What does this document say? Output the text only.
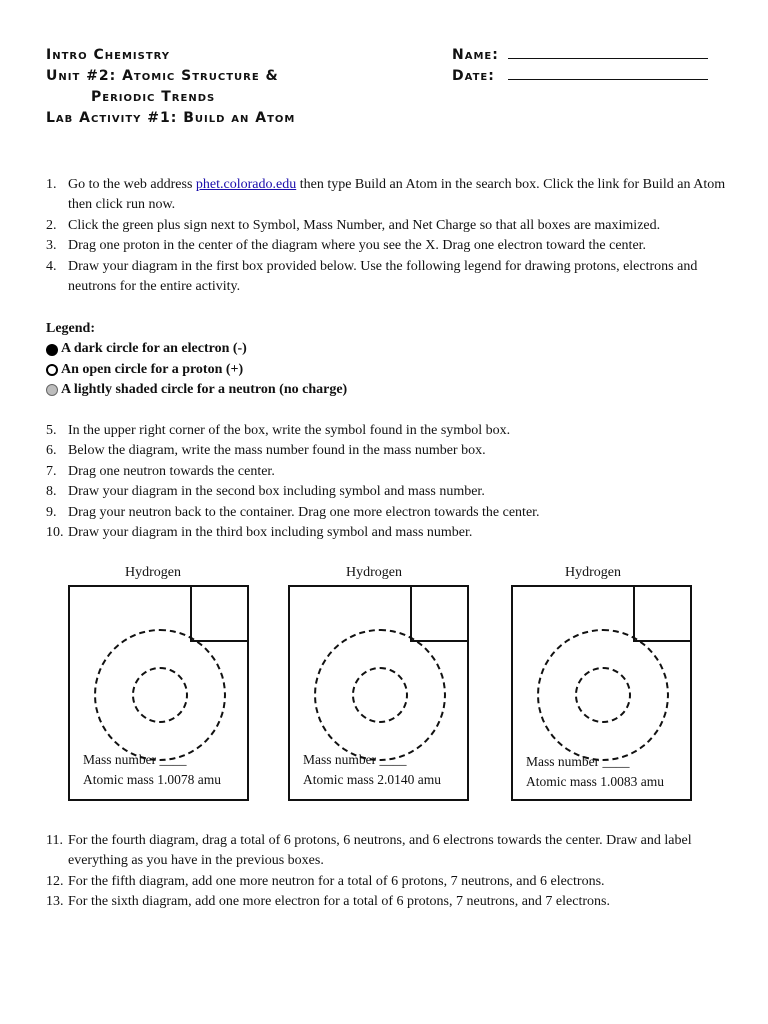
Intro Chemistry
Unit #2: Atomic Structure &
Periodic Trends
Lab Activity #1: Build an Atom
Name:
Date:
1. Go to the web address phet.colorado.edu then type Build an Atom in the search box. Click the link for Build an Atom then click run now.
2. Click the green plus sign next to Symbol, Mass Number, and Net Charge so that all boxes are maximized.
3. Drag one proton in the center of the diagram where you see the X. Drag one electron toward the center.
4. Draw your diagram in the first box provided below. Use the following legend for drawing protons, electrons and neutrons for the entire activity.
Legend:
A dark circle for an electron (-)
An open circle for a proton (+)
A lightly shaded circle for a neutron (no charge)
5. In the upper right corner of the box, write the symbol found in the symbol box.
6. Below the diagram, write the mass number found in the mass number box.
7. Drag one neutron towards the center.
8. Draw your diagram in the second box including symbol and mass number.
9. Drag your neutron back to the container. Drag one more electron towards the center.
10. Draw your diagram in the third box including symbol and mass number.
Hydrogen
Mass number ____
Atomic mass 1.0078 amu
Hydrogen
Mass number ____
Atomic mass 2.0140 amu
Hydrogen
Mass number ____
Atomic mass 1.0083 amu
11. For the fourth diagram, drag a total of 6 protons, 6 neutrons, and 6 electrons towards the center. Draw and label everything as you have in the previous boxes.
12. For the fifth diagram, add one more neutron for a total of 6 protons, 7 neutrons, and 6 electrons.
13. For the sixth diagram, add one more electron for a total of 6 protons, 7 neutrons, and 7 electrons.
